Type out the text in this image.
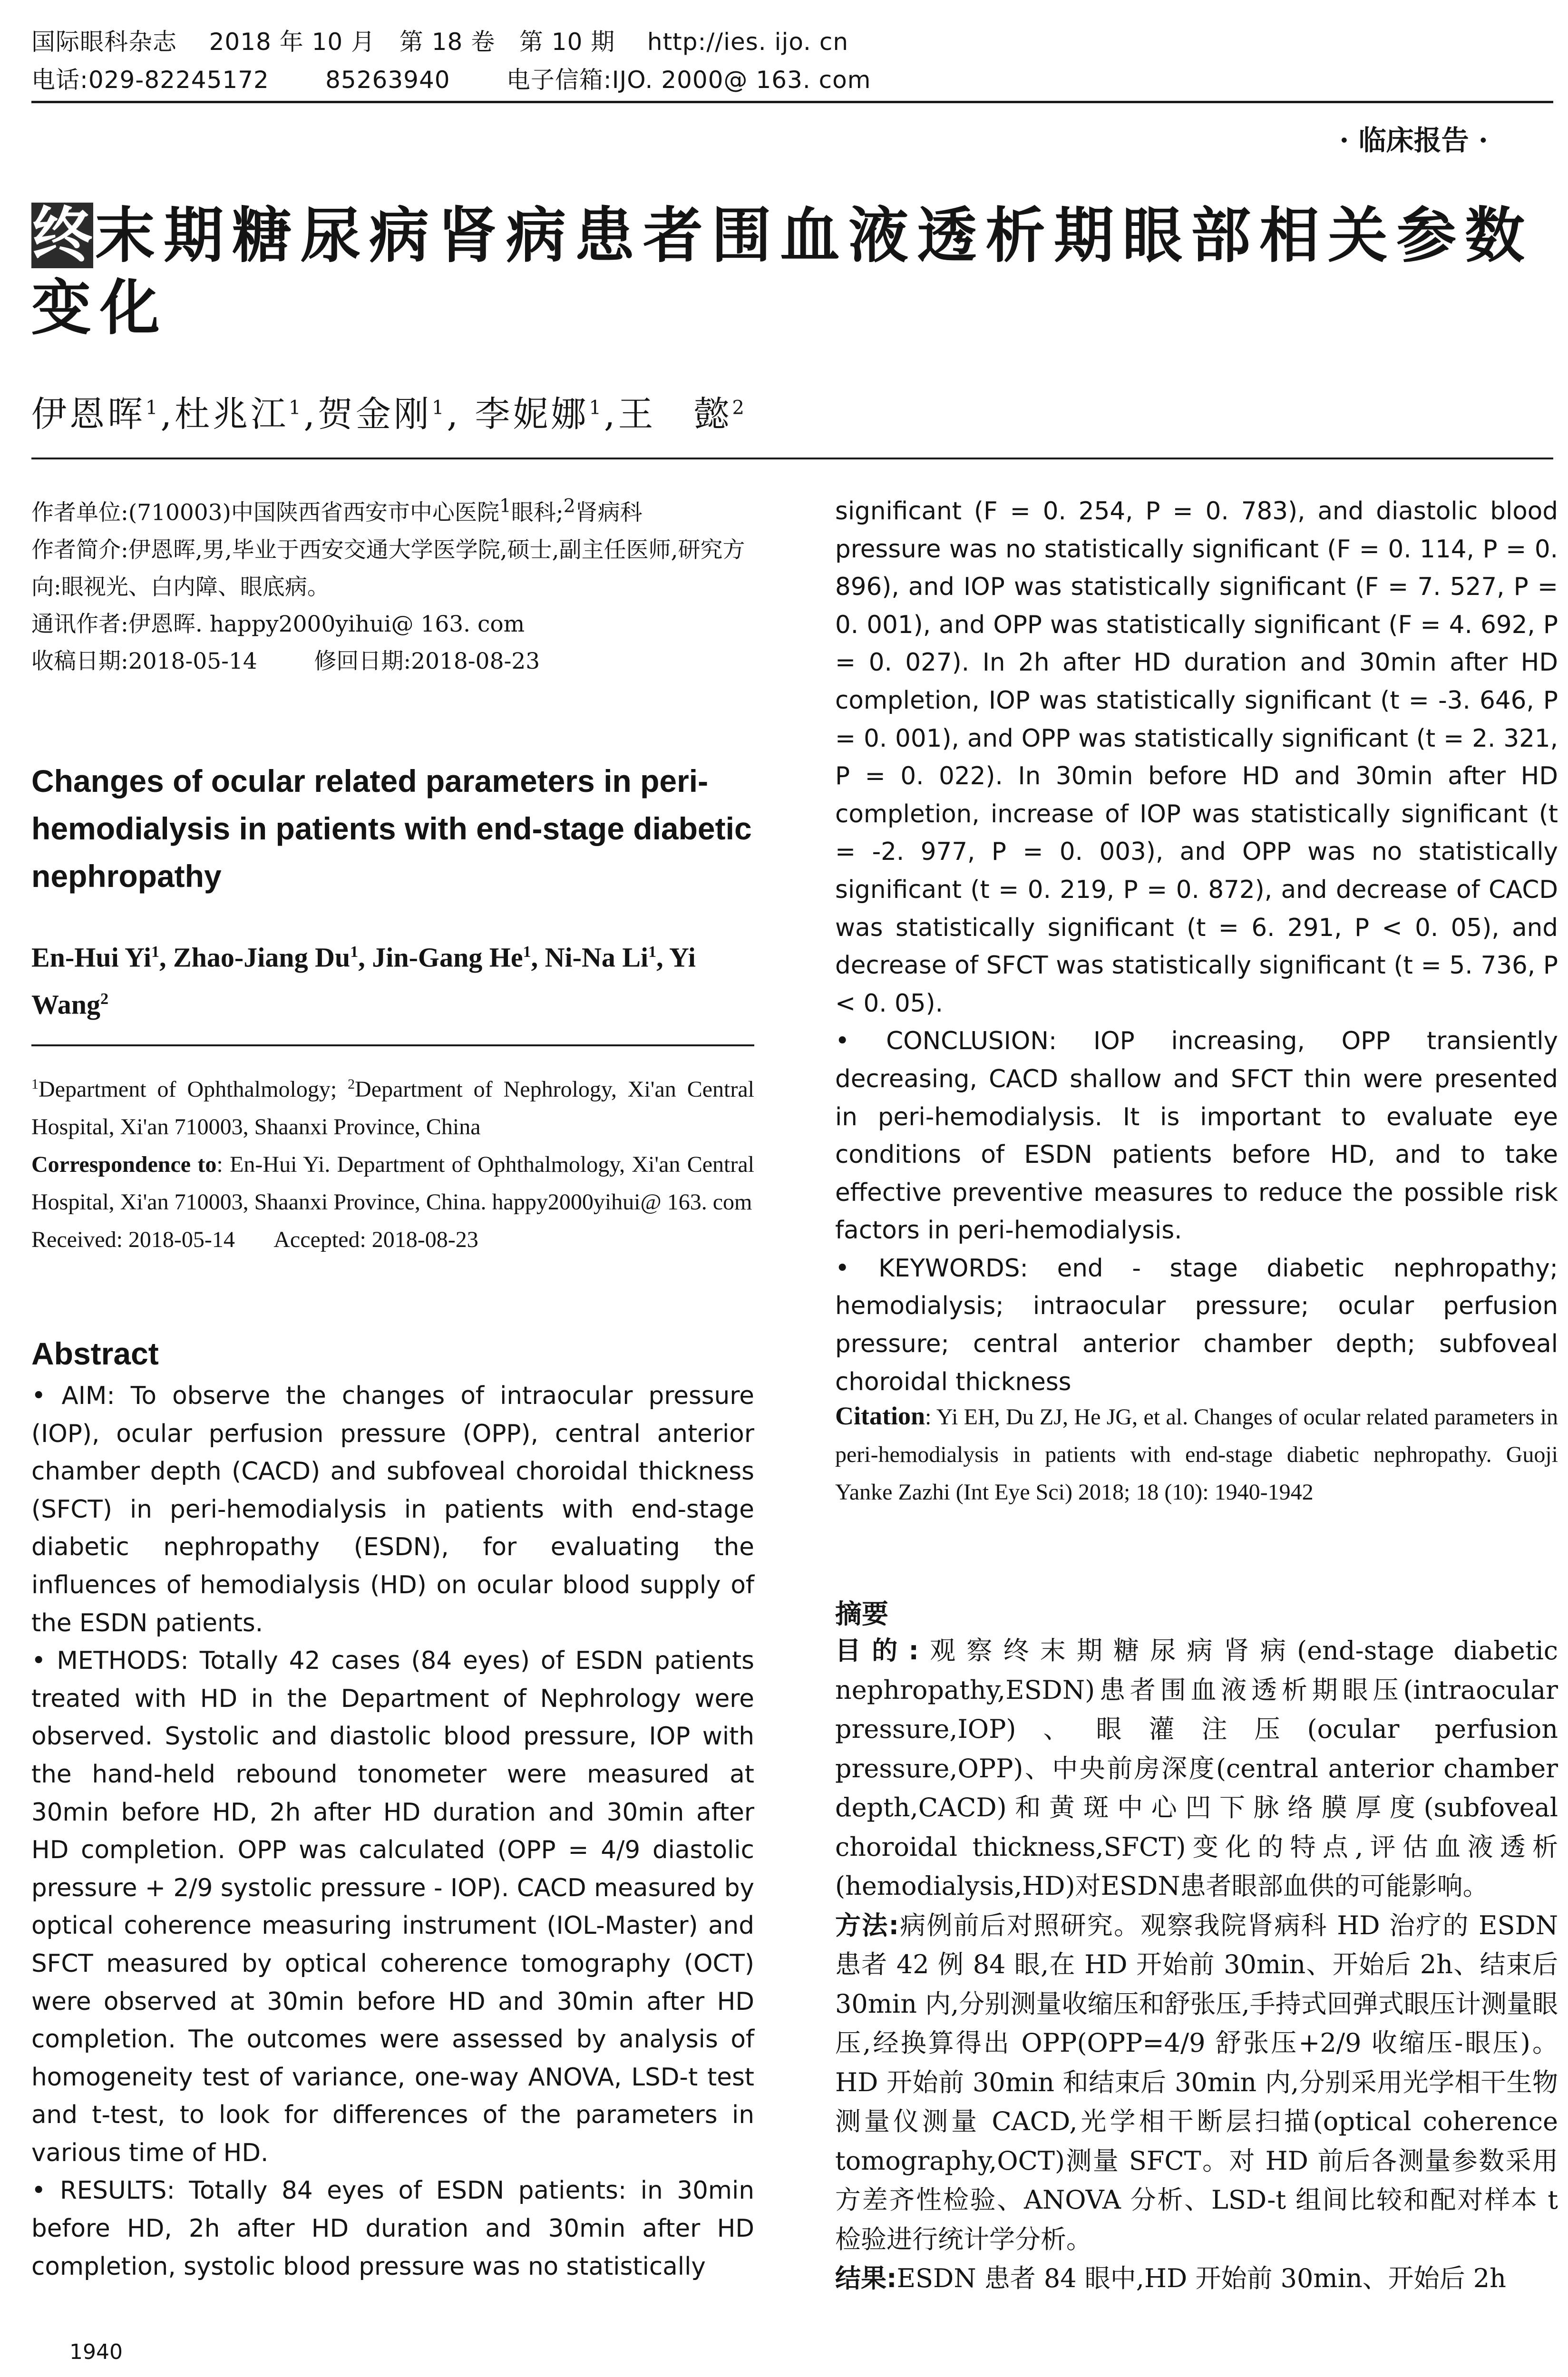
国际眼科杂志 2018 年 10 月   第 18 卷   第 10 期 http://ies. ijo. cn
电话:029-82245172 85263940 电子信箱:IJO. 2000@ 163. com
· 临床报告 ·
终末期糖尿病肾病患者围血液透析期眼部相关参数
变化
伊恩晖$^1$,杜兆江$^1$,贺金刚$^1$, 李妮娜$^1$,王　懿$^2$

作者单位:(710003)中国陕西省西安市中心医院$^1$眼科;$^2$肾病科

作者简介:伊恩晖,男,毕业于西安交通大学医学院,硕士,副主任医师,研究方向:眼视光、白内障、眼底病。

通讯作者:伊恩晖. happy2000yihui@ 163. com

收稿日期:2018-05-14	修回日期:2018-08-23

Changes of ocular related parameters in peri-hemodialysis in patients with end-stage diabetic nephropathy
En-Hui Yi$^1$, Zhao-Jiang Du$^1$, Jin-Gang He$^1$, Ni-Na Li$^1$, Yi Wang$^2$

$^1$Department of Ophthalmology; $^2$Department of Nephrology, Xi'an Central Hospital, Xi'an 710003, Shaanxi Province, China

Correspondence to: En-Hui Yi. Department of Ophthalmology, Xi'an Central Hospital, Xi'an 710003, Shaanxi Province, China. happy2000yihui@ 163. com

Received: 2018-05-14 Accepted: 2018-08-23

Abstract

• AIM: To observe the changes of intraocular pressure (IOP), ocular perfusion pressure (OPP), central anterior chamber depth (CACD) and subfoveal choroidal thickness (SFCT) in peri-hemodialysis in patients with end-stage diabetic nephropathy (ESDN), for evaluating the influences of hemodialysis (HD) on ocular blood supply of the ESDN patients.

• METHODS: Totally 42 cases (84 eyes) of ESDN patients treated with HD in the Department of Nephrology were observed. Systolic and diastolic blood pressure, IOP with the hand-held rebound tonometer were measured at 30min before HD, 2h after HD duration and 30min after HD completion. OPP was calculated (OPP = 4/9 diastolic pressure + 2/9 systolic pressure - IOP). CACD measured by optical coherence measuring instrument (IOL-Master) and SFCT measured by optical coherence tomography (OCT) were observed at 30min before HD and 30min after HD completion. The outcomes were assessed by analysis of homogeneity test of variance, one-way ANOVA, LSD-t test and t-test, to look for differences of the parameters in various time of HD.

• RESULTS: Totally 84 eyes of ESDN patients: in 30min before HD, 2h after HD duration and 30min after HD completion, systolic blood pressure was no statistically

1940

significant (F = 0. 254, P = 0. 783), and diastolic blood pressure was no statistically significant (F = 0. 114, P = 0. 896), and IOP was statistically significant (F = 7. 527, P = 0. 001), and OPP was statistically significant (F = 4. 692, P = 0. 027). In 2h after HD duration and 30min after HD completion, IOP was statistically significant (t = -3. 646, P = 0. 001), and OPP was statistically significant (t = 2. 321, P = 0. 022). In 30min before HD and 30min after HD completion, increase of IOP was statistically significant (t = -2. 977, P = 0. 003), and OPP was no statistically significant (t = 0. 219, P = 0. 872), and decrease of CACD was statistically significant (t = 6. 291, P < 0. 05), and decrease of SFCT was statistically significant (t = 5. 736, P < 0. 05).

• CONCLUSION: IOP increasing, OPP transiently decreasing, CACD shallow and SFCT thin were presented in peri-hemodialysis. It is important to evaluate eye conditions of ESDN patients before HD, and to take effective preventive measures to reduce the possible risk factors in peri-hemodialysis.

• KEYWORDS: end - stage diabetic nephropathy; hemodialysis; intraocular pressure; ocular perfusion pressure; central anterior chamber depth; subfoveal choroidal thickness

Citation: Yi EH, Du ZJ, He JG, et al. Changes of ocular related parameters in peri-hemodialysis in patients with end-stage diabetic nephropathy. Guoji Yanke Zazhi (Int Eye Sci) 2018; 18 (10): 1940-1942
摘要

目的:观察终末期糖尿病肾病(end-stage diabetic nephropathy,ESDN)患者围血液透析期眼压(intraocular pressure,IOP)、眼灌注压(ocular perfusion pressure,OPP)、中央前房深度(central anterior chamber depth,CACD)和黄斑中心凹下脉络膜厚度(subfoveal choroidal thickness,SFCT)变化的特点,评估血液透析(hemodialysis,HD)对ESDN患者眼部血供的可能影响。

方法:病例前后对照研究。观察我院肾病科 HD 治疗的 ESDN 患者 42 例 84 眼,在 HD 开始前 30min、开始后 2h、结束后 30min 内,分别测量收缩压和舒张压,手持式回弹式眼压计测量眼压,经换算得出 OPP(OPP=4/9 舒张压+2/9 收缩压-眼压)。HD 开始前 30min 和结束后 30min 内,分别采用光学相干生物测量仪测量 CACD,光学相干断层扫描(optical coherence tomography,OCT)测量 SFCT。对 HD 前后各测量参数采用方差齐性检验、ANOVA 分析、LSD-t 组间比较和配对样本 t 检验进行统计学分析。

结果:ESDN 患者 84 眼中,HD 开始前 30min、开始后 2h
